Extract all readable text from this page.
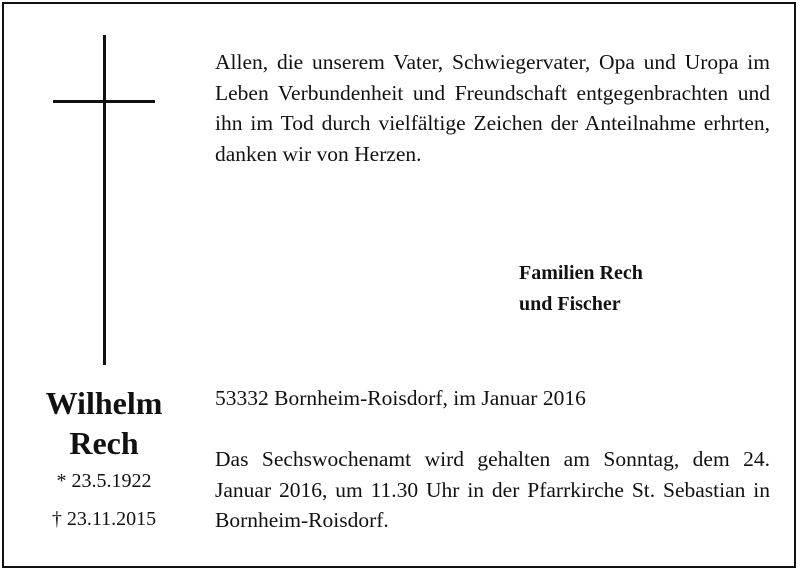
Allen, die unserem Vater, Schwiegervater, Opa und Uropa im Leben Verbundenheit und Freundschaft entgegenbrachten und ihn im Tod durch vielfältige Zeichen der Anteilnahme erhrten, danken wir von Herzen.

Familien Rech
und Fischer

Wilhelm
Rech
* 23.5.1922
† 23.11.2015

53332 Bornheim-Roisdorf, im Januar 2016

Das Sechswochenamt wird gehalten am Sonntag, dem 24. Januar 2016, um 11.30 Uhr in der Pfarrkirche St. Sebastian in Bornheim-Roisdorf.
